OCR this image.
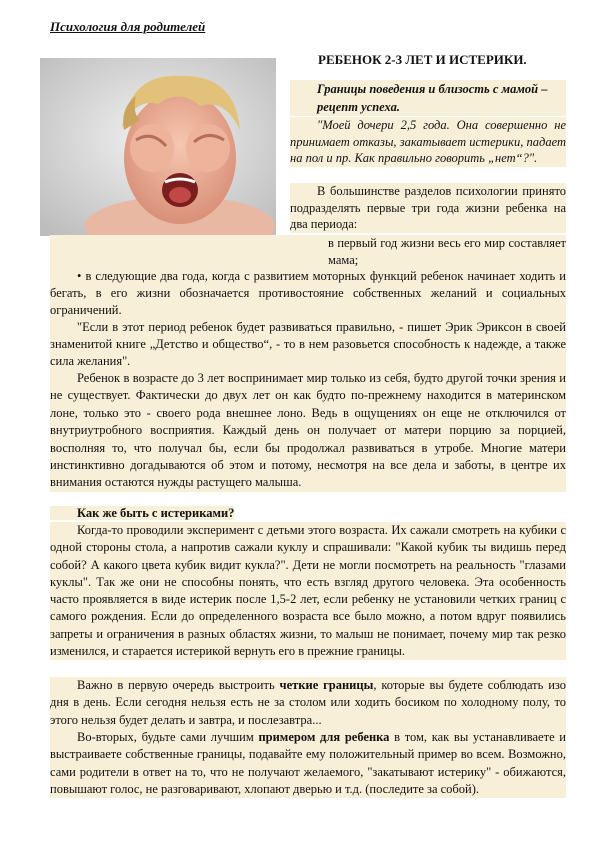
Психология для родителей
РЕБЕНОК 2-3 ЛЕТ И ИСТЕРИКИ.
Границы поведения и близость с мамой – рецепт успеха.
"Моей дочери 2,5 года. Она совершенно не принимает отказы, закатывает истерики, падает на пол и пр. Как правильно говорить „нет“?".
В большинстве разделов психологии принято подразделять первые три года жизни ребенка на два периода:
в первый год жизни весь его мир составляет мама;
• в следующие два года, когда с развитием моторных функций ребенок начинает ходить и бегать, в его жизни обозначается противостояние собственных желаний и социальных ограничений.
"Если в этот период ребенок будет развиваться правильно, - пишет Эрик Эриксон в своей знаменитой книге „Детство и общество“, - то в нем разовьется способность к надежде, а также сила желания".
Ребенок в возрасте до 3 лет воспринимает мир только из себя, будто другой точки зрения и не существует. Фактически до двух лет он как будто по-прежнему находится в материнском лоне, только это - своего рода внешнее лоно. Ведь в ощущениях он еще не отключился от внутриутробного восприятия. Каждый день он получает от матери порцию за порцией, восполняя то, что получал бы, если бы продолжал развиваться в утробе. Многие матери инстинктивно догадываются об этом и потому, несмотря на все дела и заботы, в центре их внимания остаются нужды растущего малыша.
Как же быть с истериками?
Когда-то проводили эксперимент с детьми этого возраста. Их сажали смотреть на кубики с одной стороны стола, а напротив сажали куклу и спрашивали: "Какой кубик ты видишь перед собой? А какого цвета кубик видит кукла?". Дети не могли посмотреть на реальность "глазами куклы". Так же они не способны понять, что есть взгляд другого человека. Эта особенность часто проявляется в виде истерик после 1,5-2 лет, если ребенку не установили четких границ с самого рождения. Если до определенного возраста все было можно, а потом вдруг появились запреты и ограничения в разных областях жизни, то малыш не понимает, почему мир так резко изменился, и старается истерикой вернуть его в прежние границы.
Важно в первую очередь выстроить четкие границы, которые вы будете соблюдать изо дня в день. Если сегодня нельзя есть не за столом или ходить босиком по холодному полу, то этого нельзя будет делать и завтра, и послезавтра...
Во-вторых, будьте сами лучшим примером для ребенка в том, как вы устанавливаете и выстраиваете собственные границы, подавайте ему положительный пример во всем. Возможно, сами родители в ответ на то, что не получают желаемого, "закатывают истерику" - обижаются, повышают голос, не разговаривают, хлопают дверью и т.д. (последите за собой).
